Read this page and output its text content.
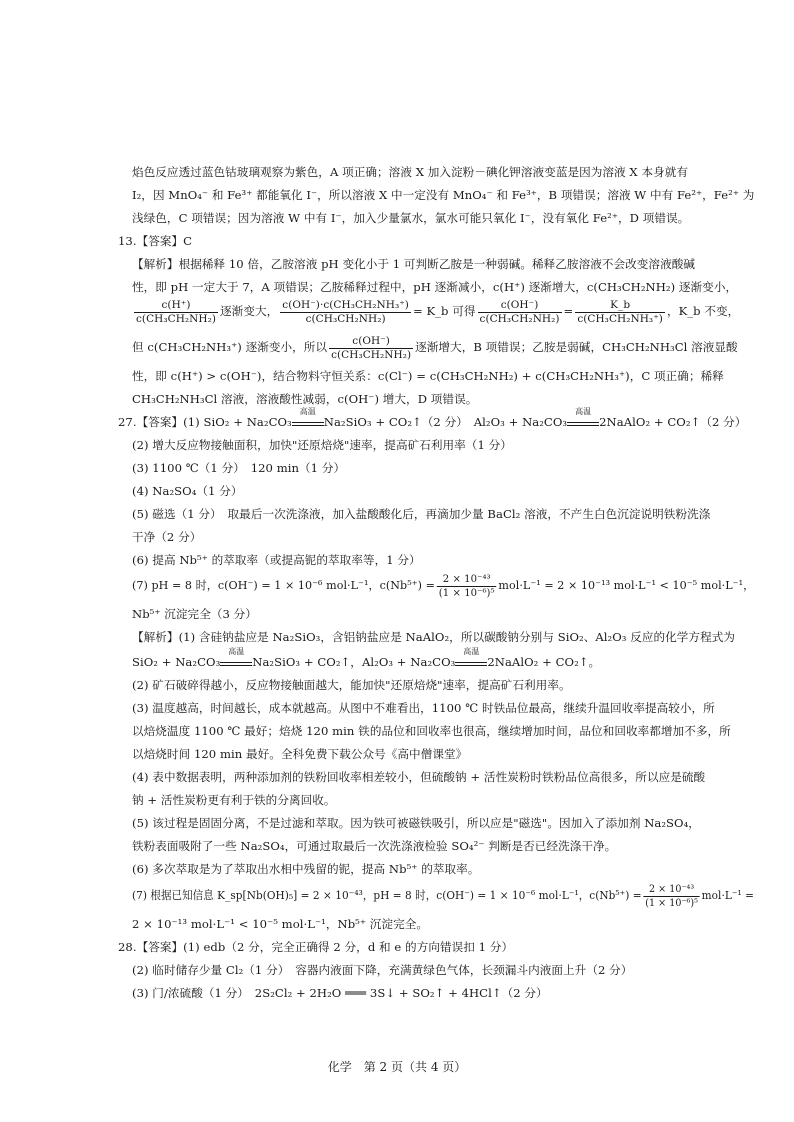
焰色反应透过蓝色钴玻璃观察为紫色，A 项正确；溶液 X 加入淀粉－碘化钾溶液变蓝是因为溶液 X 本身就有
I₂，因 MnO₄⁻ 和 Fe³⁺ 都能氧化 I⁻，所以溶液 X 中一定没有 MnO₄⁻ 和 Fe³⁺，B 项错误；溶液 W 中有 Fe²⁺，Fe²⁺ 为
浅绿色，C 项错误；因为溶液 W 中有 I⁻，加入少量氯水，氯水可能只氧化 I⁻，没有氧化 Fe²⁺，D 项错误。
13.【答案】C
【解析】根据稀释 10 倍，乙胺溶液 pH 变化小于 1 可判断乙胺是一种弱碱。稀释乙胺溶液不会改变溶液酸碱
性，即 pH 一定大于 7，A 项错误；乙胺稀释过程中，pH 逐渐减小，c(H⁺) 逐渐增大，c(CH₃CH₂NH₂) 逐渐变小，
$\frac{c(H^+)}{\text{c(CH₃CH₂NH₂)}}$ 逐渐变大， $\frac{\text{c(OH⁻)·c(CH₃CH₂NH₃⁺)}}{\text{c(CH₃CH₂NH₂)}}$ = K_b 可得 $\frac{c(OH^-)}{\text{c(CH₃CH₂NH₂)}} = \frac{K\_b}{\text{c(CH₃CH₂NH₃⁺)}}$ ，K_b 不变，
但 c(CH₃CH₂NH₃⁺) 逐渐变小，所以 $\frac{c(OH^-)}{\text{c(CH₃CH₂NH₂)}}$ 逐渐增大，B 项错误；乙胺是弱碱，CH₃CH₂NH₃Cl 溶液显酸
性，即 c(H⁺) > c(OH⁻)，结合物料守恒关系：c(Cl⁻) = c(CH₃CH₂NH₂) + c(CH₃CH₂NH₃⁺)，C 项正确；稀释
CH₃CH₂NH₃Cl 溶液，溶液酸性减弱，c(OH⁻) 增大，D 项错误。
27.【答案】(1) SiO₂ + Na₂CO₃
高温
Na₂SiO₃ + CO₂↑（2 分）　Al₂O₃ + Na₂CO₃
高温
2NaAlO₂ + CO₂↑（2 分）
(2) 增大反应物接触面积，加快"还原焙烧"速率，提高矿石利用率（1 分）
(3) 1100 ℃（1 分）　120 min（1 分）
(4) Na₂SO₄（1 分）
(5) 磁选（1 分）　取最后一次洗涤液，加入盐酸酸化后，再滴加少量 BaCl₂ 溶液，不产生白色沉淀说明铁粉洗涤
干净（2 分）
(6) 提高 Nb⁵⁺ 的萃取率（或提高铌的萃取率等，1 分）
(7) pH = 8 时，c(OH⁻) = 1 × 10⁻⁶ mol·L⁻¹，$c(Nb^{5+}) = \frac{\text{2 × 10⁻⁴³}}{\text{(1 × 10⁻⁶)⁵}} mol\cdot L^{-1} = 2 \times 10^{-13}$ mol·L⁻¹ < 10⁻⁵ mol·L⁻¹，
Nb⁵⁺ 沉淀完全（3 分）
【解析】(1) 含硅钠盐应是 Na₂SiO₃，含铝钠盐应是 NaAlO₂，所以碳酸钠分别与 SiO₂、Al₂O₃ 反应的化学方程式为
SiO₂ + Na₂CO₃
高温
Na₂SiO₃ + CO₂↑，Al₂O₃ + Na₂CO₃
高温
2NaAlO₂ + CO₂↑。
(2) 矿石破碎得越小，反应物接触面越大，能加快"还原焙烧"速率，提高矿石利用率。
(3) 温度越高，时间越长，成本就越高。从图中不难看出，1100 ℃ 时铁品位最高，继续升温回收率提高较小，所
以焙烧温度 1100 ℃ 最好；焙烧 120 min 铁的品位和回收率也很高，继续增加时间，品位和回收率都增加不多，所
以焙烧时间 120 min 最好。全科免费下载公众号《高中僧课堂》
(4) 表中数据表明，两种添加剂的铁粉回收率相差较小，但硫酸钠 + 活性炭粉时铁粉品位高很多，所以应是硫酸
钠 + 活性炭粉更有利于铁的分离回收。
(5) 该过程是固固分离，不是过滤和萃取。因为铁可被磁铁吸引，所以应是"磁选"。因加入了添加剂 Na₂SO₄，
铁粉表面吸附了一些 Na₂SO₄，可通过取最后一次洗涤液检验 SO₄²⁻ 判断是否已经洗涤干净。
(6) 多次萃取是为了萃取出水相中残留的铌，提高 Nb⁵⁺ 的萃取率。
(7) 根据已知信息 K_sp[Nb(OH)₅] = 2 × 10⁻⁴³，pH = 8 时，c(OH⁻) = 1 × 10⁻⁶ mol·L⁻¹，$c(Nb^{5+}) = \frac{\text{2 × 10⁻⁴³}}{\text{(1 × 10⁻⁶)⁵}} mol\cdot L^{-1}$ =
2 × 10⁻¹³ mol·L⁻¹ < 10⁻⁵ mol·L⁻¹，Nb⁵⁺ 沉淀完全。
28.【答案】(1) edb（2 分，完全正确得 2 分，d 和 e 的方向错误扣 1 分）
(2) 临时储存少量 Cl₂（1 分）　容器内液面下降，充满黄绿色气体，长颈漏斗内液面上升（2 分）
(3) 门/浓硫酸（1 分）　2S₂Cl₂ + 2H₂O ═══ 3S↓ + SO₂↑ + 4HCl↑（2 分）
化学　第 2 页（共 4 页）
